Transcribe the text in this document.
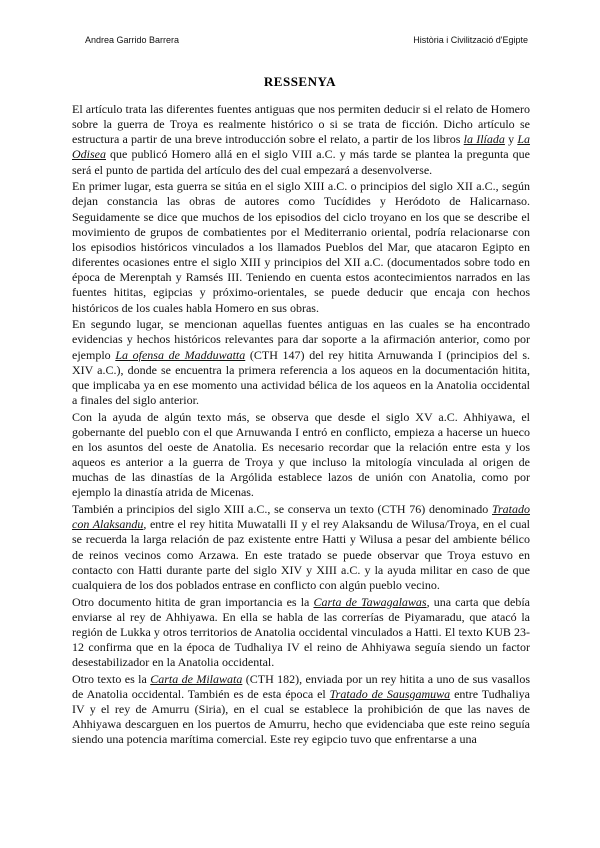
Andrea Garrido Barrera	Història i Civilització d'Egipte
RESSENYA

El artículo trata las diferentes fuentes antiguas que nos permiten deducir si el relato de Homero sobre la guerra de Troya es realmente histórico o si se trata de ficción. Dicho artículo se estructura a partir de una breve introducción sobre el relato, a partir de los libros la Ilíada y La Odisea que publicó Homero allá en el siglo VIII a.C. y más tarde se plantea la pregunta que será el punto de partida del artículo des del cual empezará a desenvolverse.

En primer lugar, esta guerra se sitúa en el siglo XIII a.C. o principios del siglo XII a.C., según dejan constancia las obras de autores como Tucídides y Heródoto de Halicarnaso. Seguidamente se dice que muchos de los episodios del ciclo troyano en los que se describe el movimiento de grupos de combatientes por el Mediterranio oriental, podría relacionarse con los episodios históricos vinculados a los llamados Pueblos del Mar, que atacaron Egipto en diferentes ocasiones entre el siglo XIII y principios del XII a.C. (documentados sobre todo en época de Merenptah y Ramsés III. Teniendo en cuenta estos acontecimientos narrados en las fuentes hititas, egipcias y próximo-orientales, se puede deducir que encaja con hechos históricos de los cuales habla Homero en sus obras.

En segundo lugar, se mencionan aquellas fuentes antiguas en las cuales se ha encontrado evidencias y hechos históricos relevantes para dar soporte a la afirmación anterior, como por ejemplo La ofensa de Madduwatta (CTH 147) del rey hitita Arnuwanda I (principios del s. XIV a.C.), donde se encuentra la primera referencia a los aqueos en la documentación hitita, que implicaba ya en ese momento una actividad bélica de los aqueos en la Anatolia occidental a finales del siglo anterior.

Con la ayuda de algún texto más, se observa que desde el siglo XV a.C. Ahhiyawa, el gobernante del pueblo con el que Arnuwanda I entró en conflicto, empieza a hacerse un hueco en los asuntos del oeste de Anatolia. Es necesario recordar que la relación entre esta y los aqueos es anterior a la guerra de Troya y que incluso la mitología vinculada al origen de muchas de las dinastías de la Argólida establece lazos de unión con Anatolia, como por ejemplo la dinastía atrida de Micenas.

También a principios del siglo XIII a.C., se conserva un texto (CTH 76) denominado Tratado con Alaksandu, entre el rey hitita Muwatalli II y el rey Alaksandu de Wilusa/Troya, en el cual se recuerda la larga relación de paz existente entre Hatti y Wilusa a pesar del ambiente bélico de reinos vecinos como Arzawa. En este tratado se puede observar que Troya estuvo en contacto con Hatti durante parte del siglo XIV y XIII a.C. y la ayuda militar en caso de que cualquiera de los dos poblados entrase en conflicto con algún pueblo vecino.

Otro documento hitita de gran importancia es la Carta de Tawagalawas, una carta que debía enviarse al rey de Ahhiyawa. En ella se habla de las correrías de Piyamaradu, que atacó la región de Lukka y otros territorios de Anatolia occidental vinculados a Hatti. El texto KUB 23-12 confirma que en la época de Tudhaliya IV el reino de Ahhiyawa seguía siendo un factor desestabilizador en la Anatolia occidental.

Otro texto es la Carta de Milawata (CTH 182), enviada por un rey hitita a uno de sus vasallos de Anatolia occidental. También es de esta época el Tratado de Sausgamuwa entre Tudhaliya IV y el rey de Amurru (Siria), en el cual se establece la prohibición de que las naves de Ahhiyawa descarguen en los puertos de Amurru, hecho que evidenciaba que este reino seguía siendo una potencia marítima comercial. Este rey egipcio tuvo que enfrentarse a una
